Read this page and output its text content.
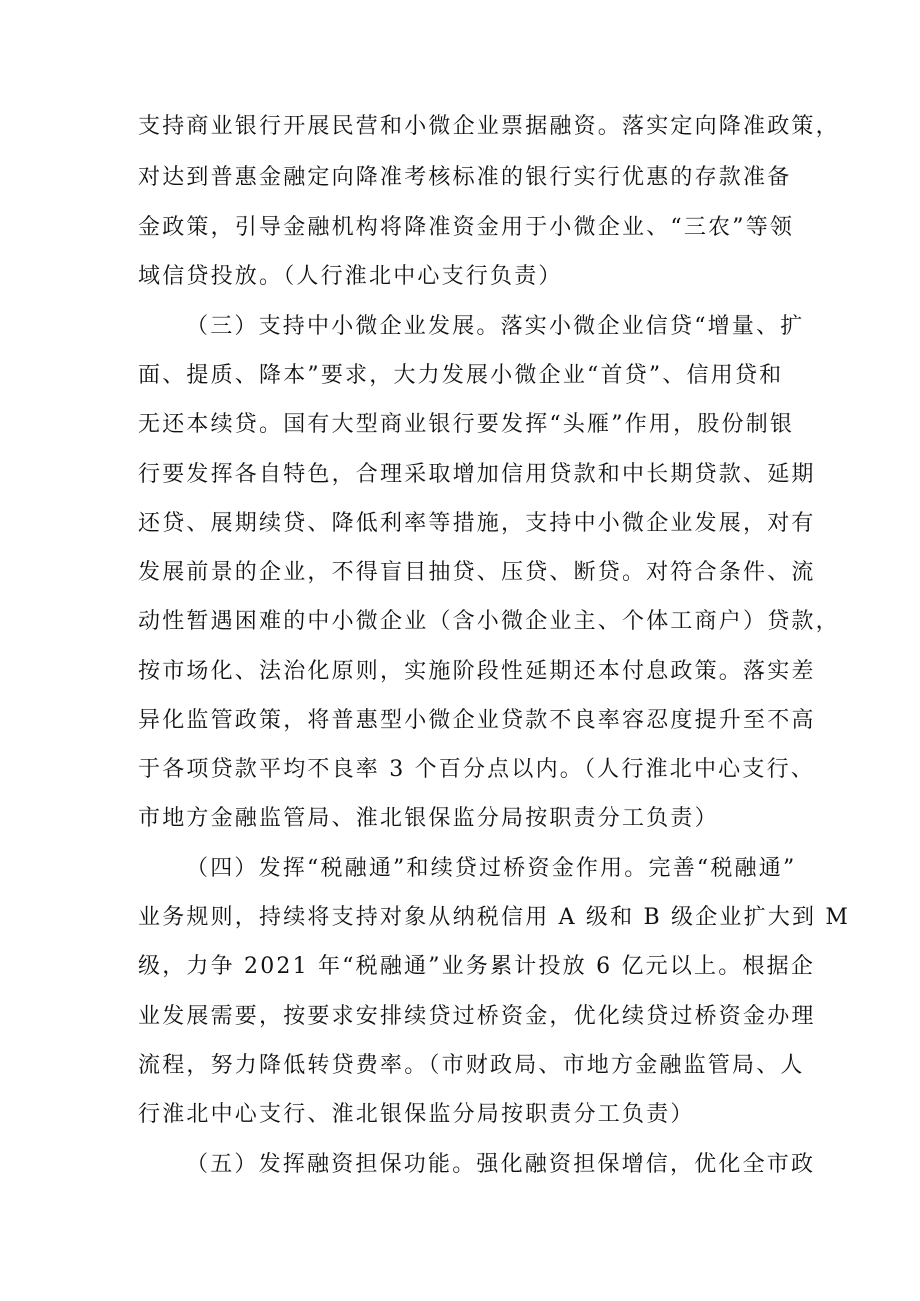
支持商业银行开展民营和小微企业票据融资。落实定向降准政策，
对达到普惠金融定向降准考核标准的银行实行优惠的存款准备
金政策，引导金融机构将降准资金用于小微企业、“三农”等领
域信贷投放。（人行淮北中心支行负责）
（三）支持中小微企业发展。落实小微企业信贷“增量、扩
面、提质、降本”要求，大力发展小微企业“首贷”、信用贷和
无还本续贷。国有大型商业银行要发挥“头雁”作用，股份制银
行要发挥各自特色，合理采取增加信用贷款和中长期贷款、延期
还贷、展期续贷、降低利率等措施，支持中小微企业发展，对有
发展前景的企业，不得盲目抽贷、压贷、断贷。对符合条件、流
动性暂遇困难的中小微企业（含小微企业主、个体工商户）贷款，
按市场化、法治化原则，实施阶段性延期还本付息政策。落实差
异化监管政策，将普惠型小微企业贷款不良率容忍度提升至不高
于各项贷款平均不良率 3 个百分点以内。（人行淮北中心支行、
市地方金融监管局、淮北银保监分局按职责分工负责）
（四）发挥“税融通”和续贷过桥资金作用。完善“税融通”
业务规则，持续将支持对象从纳税信用 A 级和 B 级企业扩大到 M
级，力争 2021 年“税融通”业务累计投放 6 亿元以上。根据企
业发展需要，按要求安排续贷过桥资金，优化续贷过桥资金办理
流程，努力降低转贷费率。（市财政局、市地方金融监管局、人
行淮北中心支行、淮北银保监分局按职责分工负责）
（五）发挥融资担保功能。强化融资担保增信，优化全市政
